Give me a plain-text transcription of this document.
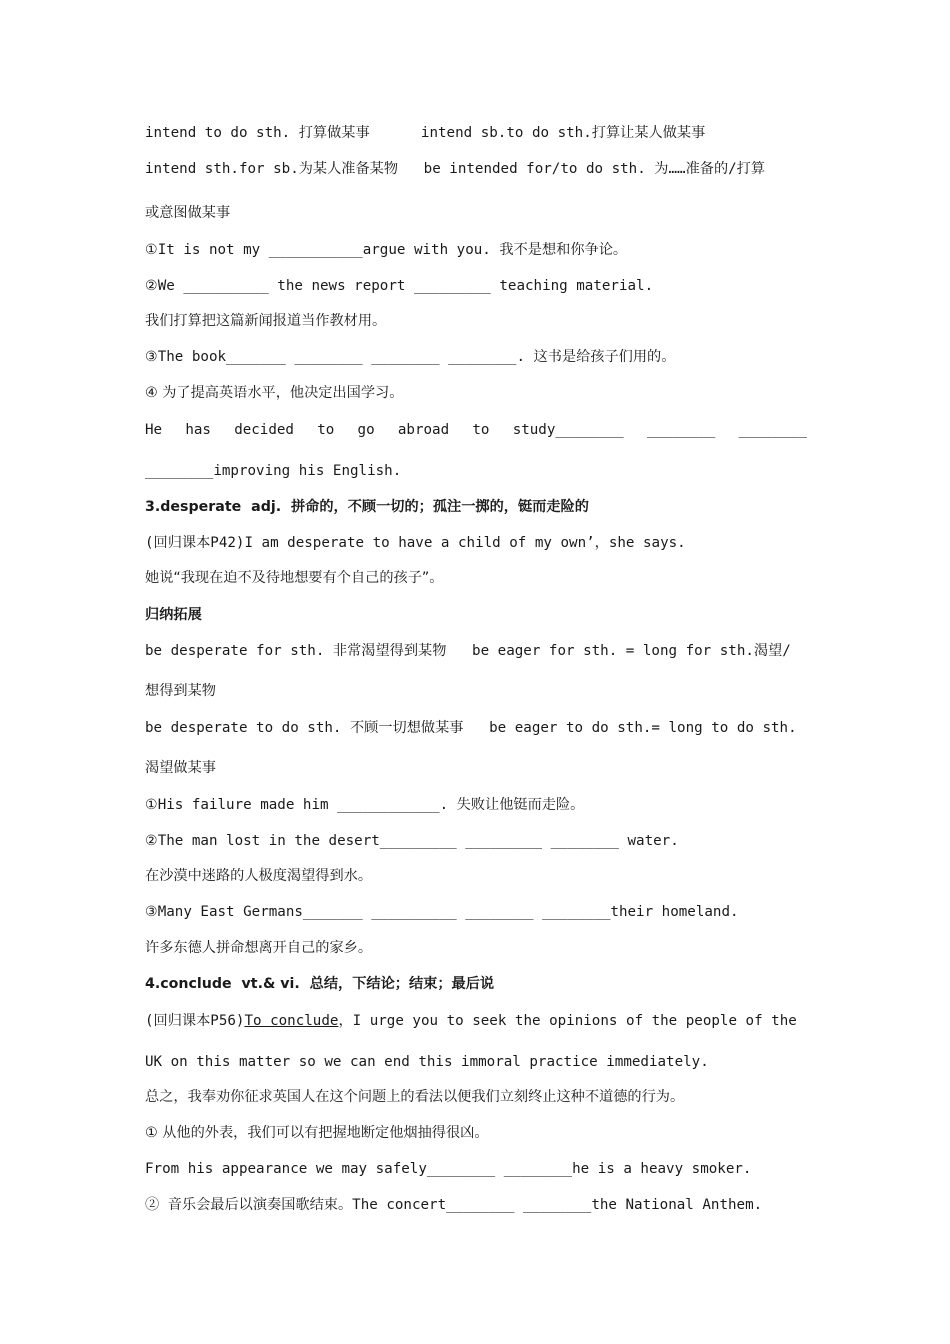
intend to do sth. 打算做某事      intend sb.to do sth.打算让某人做某事
intend sth.for sb.为某人准备某物   be intended for/to do sth. 为……准备的/打算
或意图做某事
①It is not my ___________argue with you. 我不是想和你争论。
②We __________ the news report _________ teaching material.
我们打算把这篇新闻报道当作教材用。
③The book_______ ________ ________ ________. 这书是给孩子们用的。
④ 为了提高英语水平，他决定出国学习。
He has decided to go abroad to study________ ________ ________
________improving his English.
3.desperate  adj.  拼命的，不顾一切的；孤注一掷的，铤而走险的
(回归课本P42)I am desperate to have a child of my own’，she says.
她说“我现在迫不及待地想要有个自己的孩子”。
归纳拓展
be desperate for sth. 非常渴望得到某物   be eager for sth. = long for sth.渴望/
想得到某物
be desperate to do sth. 不顾一切想做某事   be eager to do sth.= long to do sth.
渴望做某事
①His failure made him ____________. 失败让他铤而走险。
②The man lost in the desert_________ _________ ________ water.
在沙漠中迷路的人极度渴望得到水。
③Many East Germans_______ __________ ________ ________their homeland.
许多东德人拼命想离开自己的家乡。
4.conclude  vt.& vi.  总结，下结论；结束；最后说
(回归课本P56)To conclude，I urge you to seek the opinions of the people of the
UK on this matter so we can end this immoral practice immediately.
总之，我奉劝你征求英国人在这个问题上的看法以便我们立刻终止这种不道德的行为。
① 从他的外表，我们可以有把握地断定他烟抽得很凶。
From his appearance we may safely________ ________he is a heavy smoker.
② 音乐会最后以演奏国歌结束。The concert________ ________the National Anthem.
